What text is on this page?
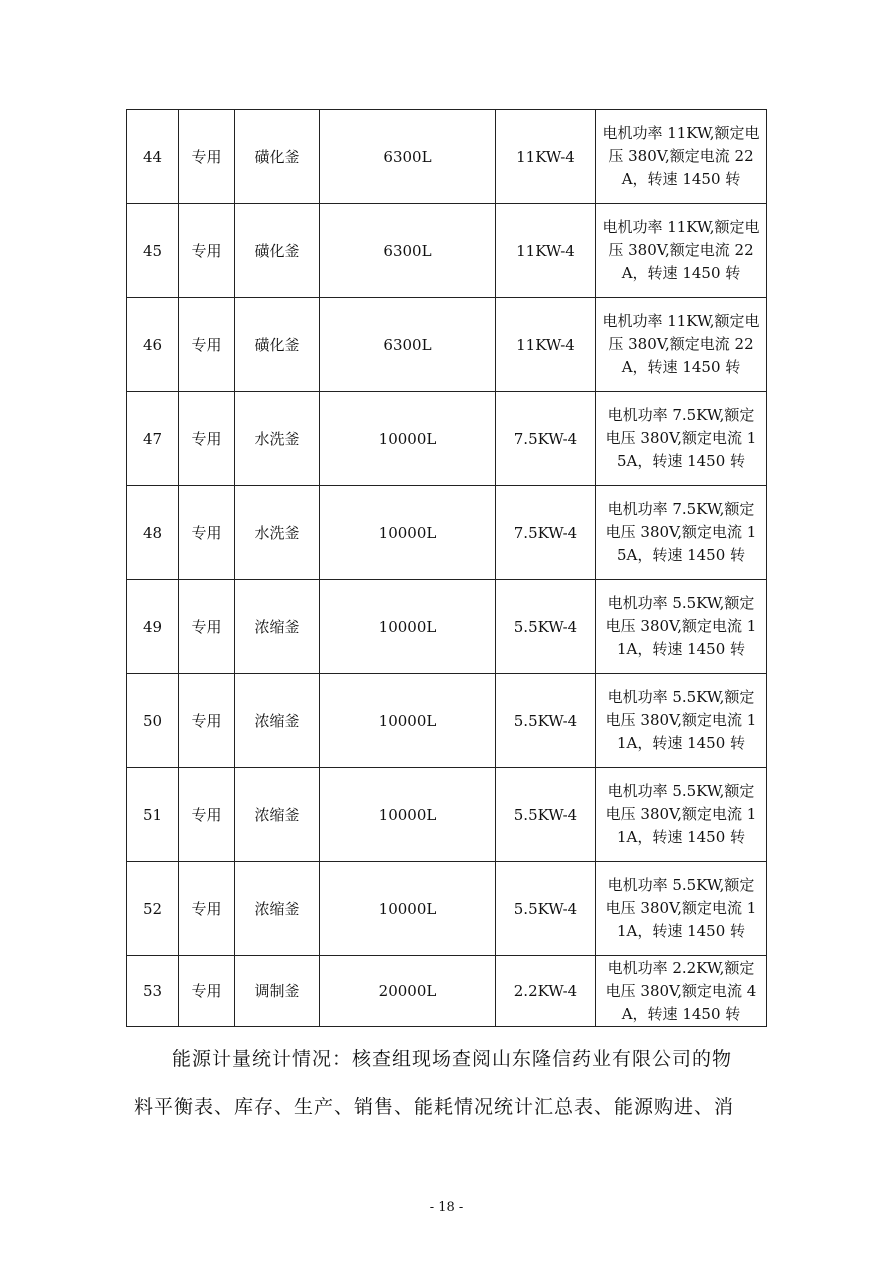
44	专用	磺化釜	6300L	11KW-4	电机功率 11KW,额定电压 380V,额定电流 22A，转速 1450 转
45	专用	磺化釜	6300L	11KW-4	电机功率 11KW,额定电压 380V,额定电流 22A，转速 1450 转
46	专用	磺化釜	6300L	11KW-4	电机功率 11KW,额定电压 380V,额定电流 22A，转速 1450 转
47	专用	水洗釜	10000L	7.5KW-4	电机功率 7.5KW,额定电压 380V,额定电流 15A，转速 1450 转
48	专用	水洗釜	10000L	7.5KW-4	电机功率 7.5KW,额定电压 380V,额定电流 15A，转速 1450 转
49	专用	浓缩釜	10000L	5.5KW-4	电机功率 5.5KW,额定电压 380V,额定电流 11A，转速 1450 转
50	专用	浓缩釜	10000L	5.5KW-4	电机功率 5.5KW,额定电压 380V,额定电流 11A，转速 1450 转
51	专用	浓缩釜	10000L	5.5KW-4	电机功率 5.5KW,额定电压 380V,额定电流 11A，转速 1450 转
52	专用	浓缩釜	10000L	5.5KW-4	电机功率 5.5KW,额定电压 380V,额定电流 11A，转速 1450 转
53	专用	调制釜	20000L	2.2KW-4	电机功率 2.2KW,额定电压 380V,额定电流 4A，转速 1450 转

能源计量统计情况：核查组现场查阅山东隆信药业有限公司的物

料平衡表、库存、生产、销售、能耗情况统计汇总表、能源购进、消

- 18 -
